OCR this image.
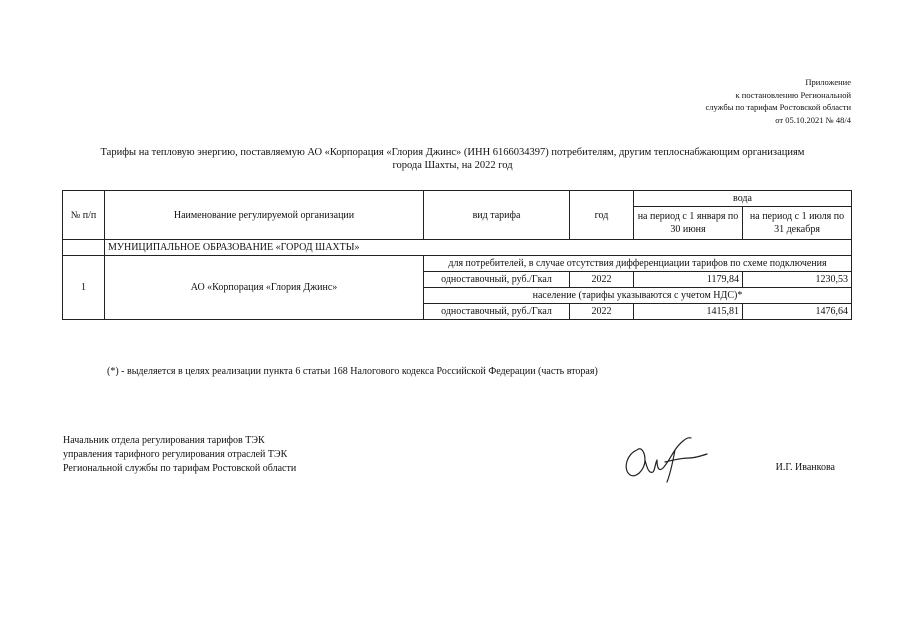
Приложение
к постановлению Региональной
службы по тарифам Ростовской области
от 05.10.2021 № 48/4
Тарифы на тепловую энергию, поставляемую АО «Корпорация «Глория Джинс» (ИНН 6166034397) потребителям, другим теплоснабжающим организациям
города Шахты, на 2022 год
№ п/п	Наименование регулируемой организации	вид тарифа	год	вода	
				на период с 1 января по 30 июня	на период с 1 июля по 31 декабря
	МУНИЦИПАЛЬНОЕ ОБРАЗОВАНИЕ «ГОРОД ШАХТЫ»				
1	АО «Корпорация «Глория Джинс»	для потребителей, в случае отсутствия дифференциации тарифов по схеме подключения			
		одноставочный, руб./Гкал	2022	1179,84	1230,53
		население (тарифы указываются с учетом НДС)*			
		одноставочный, руб./Гкал	2022	1415,81	1476,64
(*) - выделяется в целях реализации пункта 6 статьи 168 Налогового кодекса Российской Федерации (часть вторая)
Начальник отдела регулирования тарифов ТЭК
управления тарифного регулирования отраслей ТЭК
Региональной службы по тарифам Ростовской области	И.Г. Иванкова
